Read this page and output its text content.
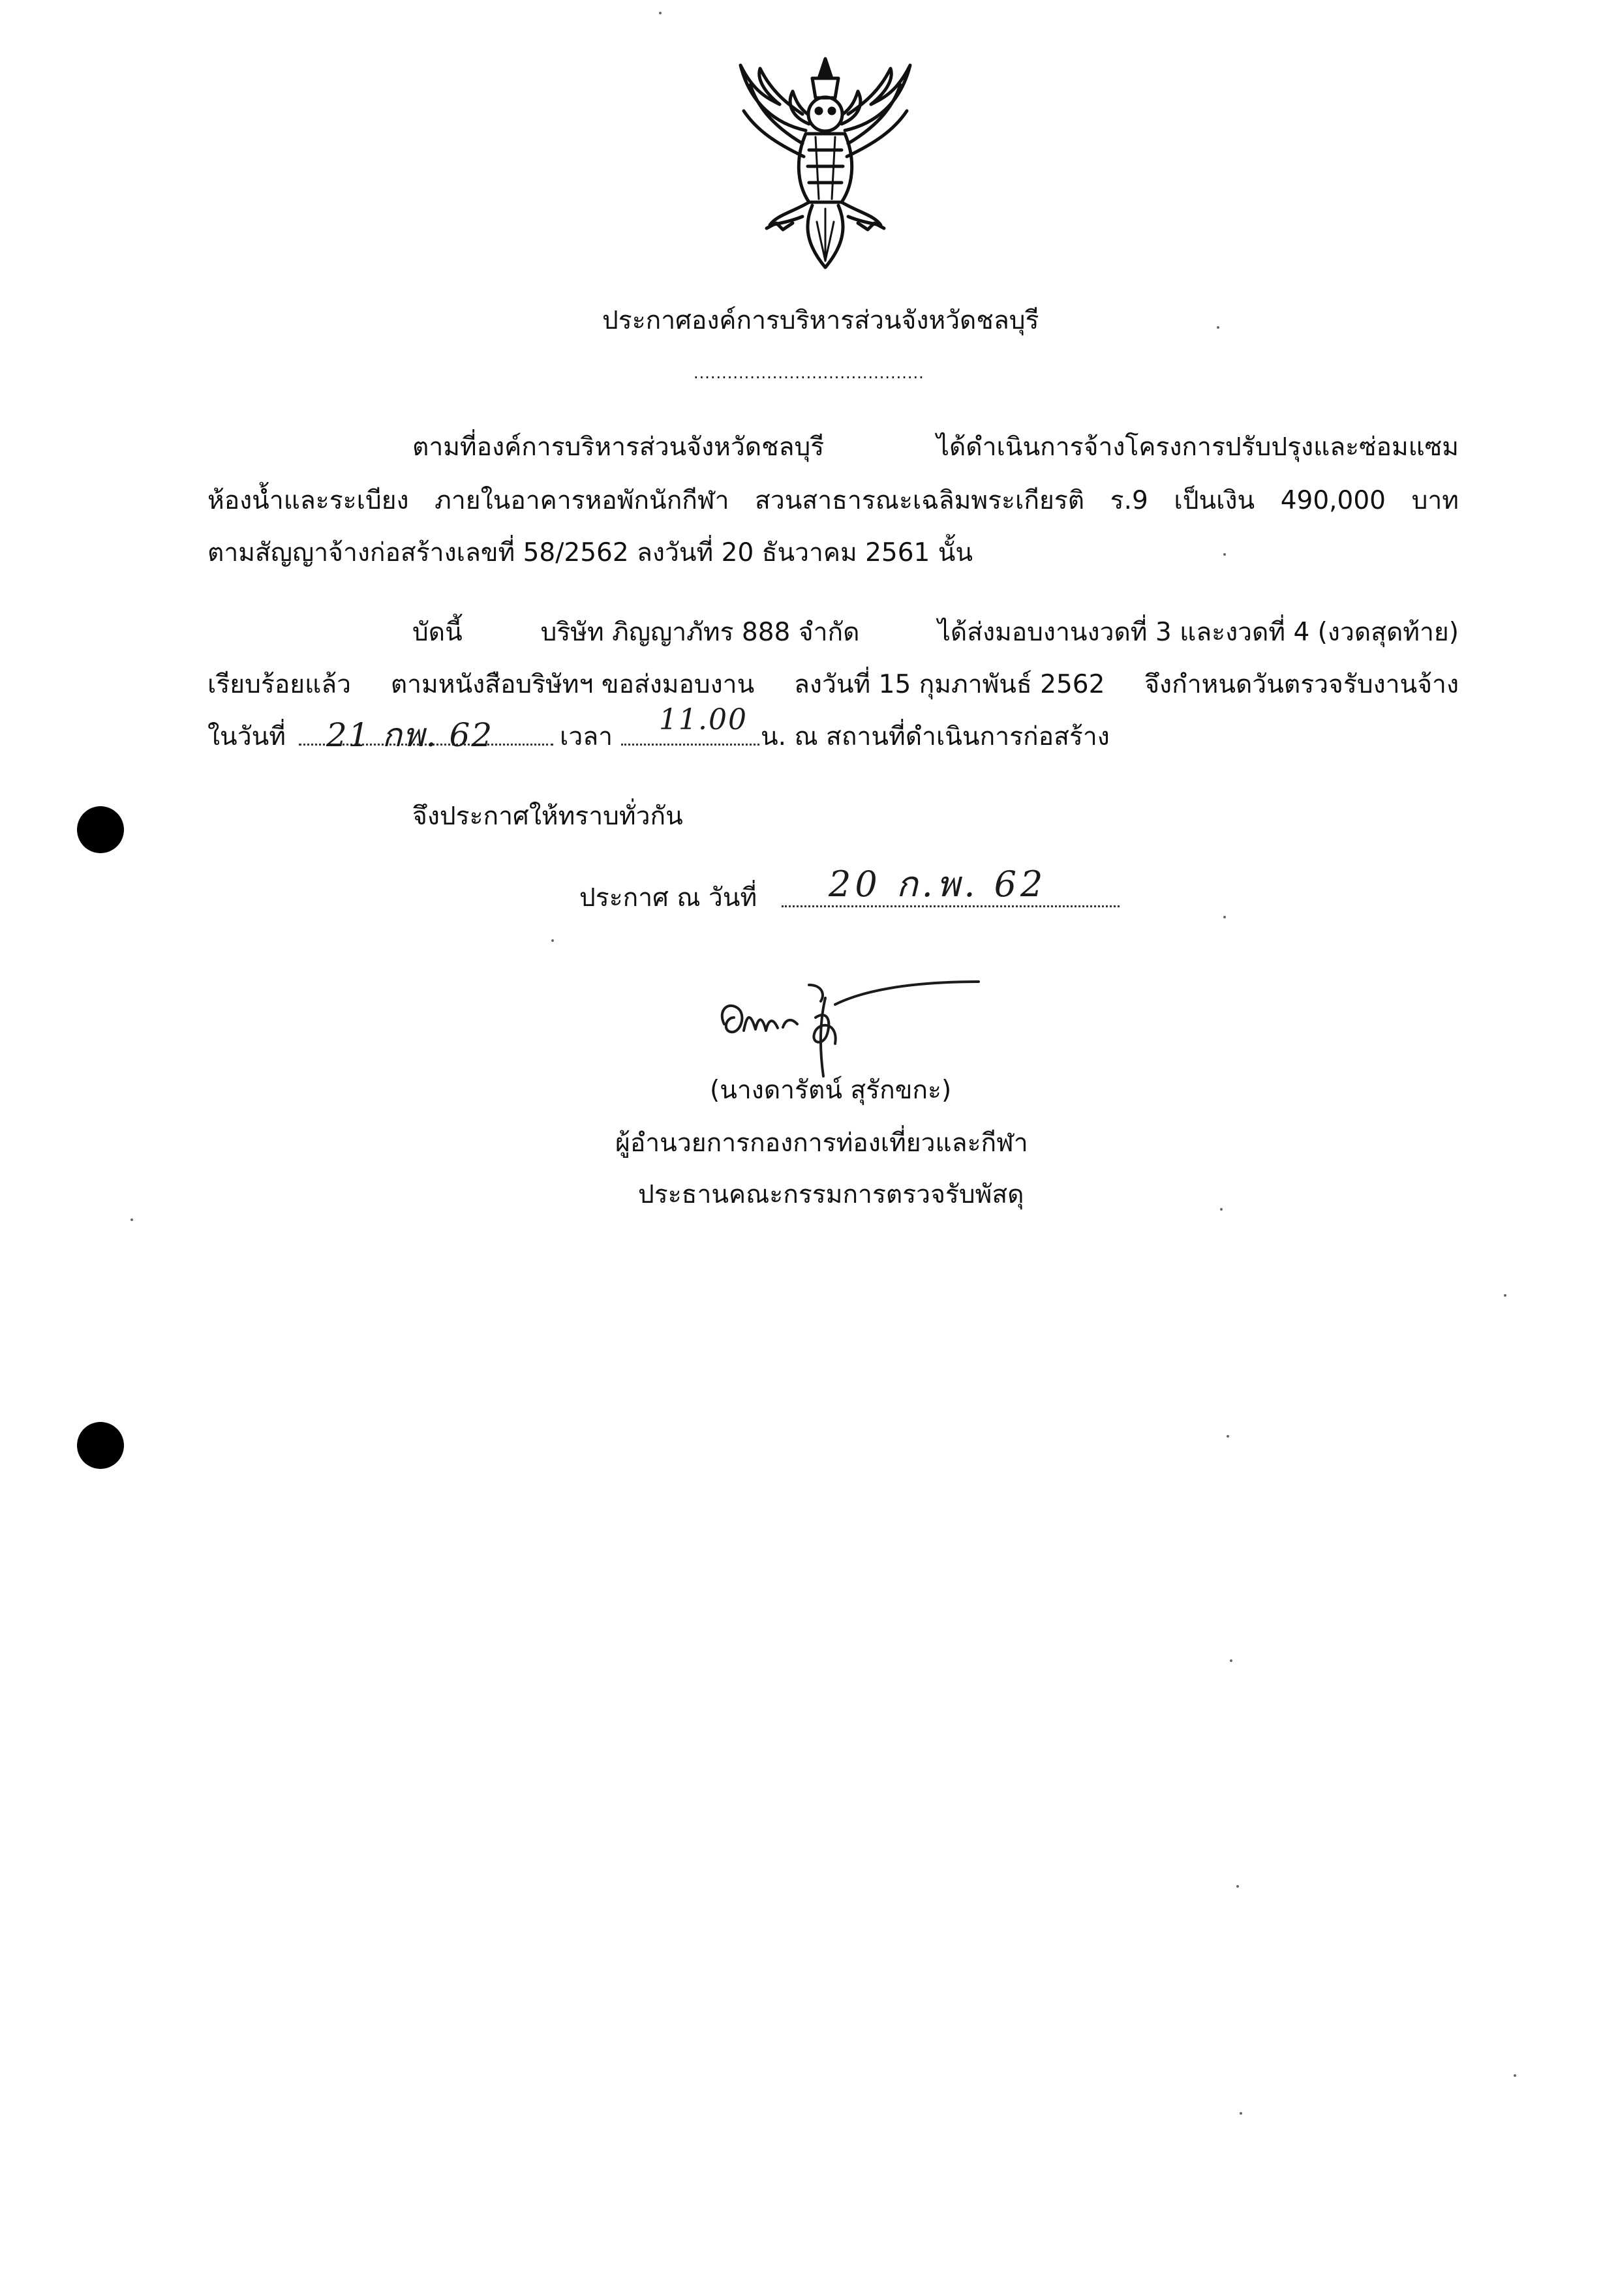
ประกาศองค์การบริหารส่วนจังหวัดชลบุรี
.........................................
ตามที่องค์การบริหารส่วนจังหวัดชลบุรี	ได้ดำเนินการจ้างโครงการปรับปรุงและซ่อมแซม
ห้องน้ำและระเบียง ภายในอาคารหอพักนักกีฬา สวนสาธารณะเฉลิมพระเกียรติ ร.9 เป็นเงิน 490,000 บาท
ตามสัญญาจ้างก่อสร้างเลขที่ 58/2562 ลงวันที่ 20 ธันวาคม 2561 นั้น
บัดนี้	บริษัท ภิญญาภัทร 888 จำกัด	ได้ส่งมอบงานงวดที่ 3 และงวดที่ 4 (งวดสุดท้าย)
เรียบร้อยแล้ว ตามหนังสือบริษัทฯ ขอส่งมอบงาน ลงวันที่ 15 กุมภาพันธ์ 2562 จึงกำหนดวันตรวจรับงานจ้าง
ในวันที่ 21 กพ. 62	เวลา
11.00
น. ณ สถานที่ดำเนินการก่อสร้าง
จึงประกาศให้ทราบทั่วกัน
ประกาศ ณ วันที่ 20 ก.พ. 62
(นางดารัตน์ สุรักขกะ)
ผู้อำนวยการกองการท่องเที่ยวและกีฬา
ประธานคณะกรรมการตรวจรับพัสดุ
